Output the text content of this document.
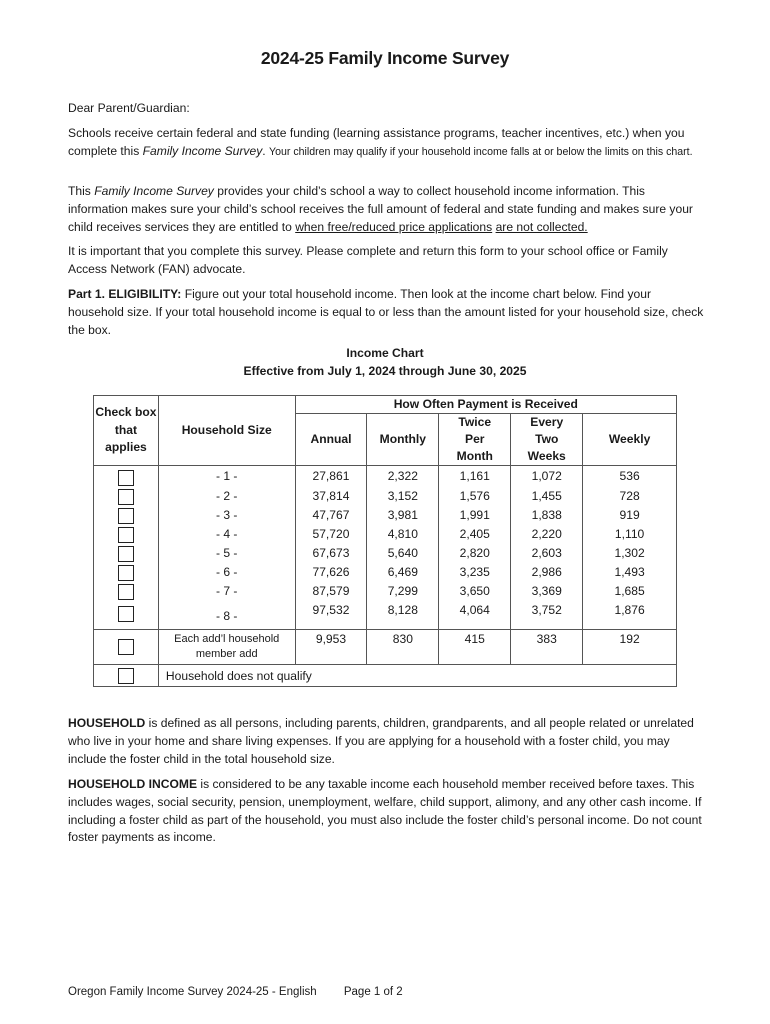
2024-25 Family Income Survey

Dear Parent/Guardian:

Schools receive certain federal and state funding (learning assistance programs, teacher incentives, etc.) when you complete this Family Income Survey. Your children may qualify if your household income falls at or below the limits on this chart.

This Family Income Survey provides your child’s school a way to collect household income information. This information makes sure your child’s school receives the full amount of federal and state funding and makes sure your child receives services they are entitled to when free/reduced price applications are not collected.

It is important that you complete this survey. Please complete and return this form to your school office or Family Access Network (FAN) advocate.

Part 1. ELIGIBILITY: Figure out your total household income. Then look at the income chart below. Find your household size. If your total household income is equal to or less than the amount listed for your household size, check the box.

Income Chart
Effective from July 1, 2024 through June 30, 2025
Check box that applies	Household Size	How Often Payment is Received				
		Annual	Monthly	Twice Per Month	Every Two Weeks	Weekly
	- 1 -	27,861	2,322	1,161	1,072	536
	- 2 -	37,814	3,152	1,576	1,455	728
	- 3 -	47,767	3,981	1,991	1,838	919
	- 4 -	57,720	4,810	2,405	2,220	1,110
	- 5 -	67,673	5,640	2,820	2,603	1,302
	- 6 -	77,626	6,469	3,235	2,986	1,493
	- 7 -	87,579	7,299	3,650	3,369	1,685
	- 8 -	97,532	8,128	4,064	3,752	1,876
	Each add’l household member add	9,953	830	415	383	192
	Household does not qualify					

HOUSEHOLD is defined as all persons, including parents, children, grandparents, and all people related or unrelated who live in your home and share living expenses. If you are applying for a household with a foster child, you may include the foster child in the total household size.

HOUSEHOLD INCOME is considered to be any taxable income each household member received before taxes. This includes wages, social security, pension, unemployment, welfare, child support, alimony, and any other cash income. If including a foster child as part of the household, you must also include the foster child’s personal income. Do not count foster payments as income.

Oregon Family Income Survey 2024-25 - English Page 1 of 2
